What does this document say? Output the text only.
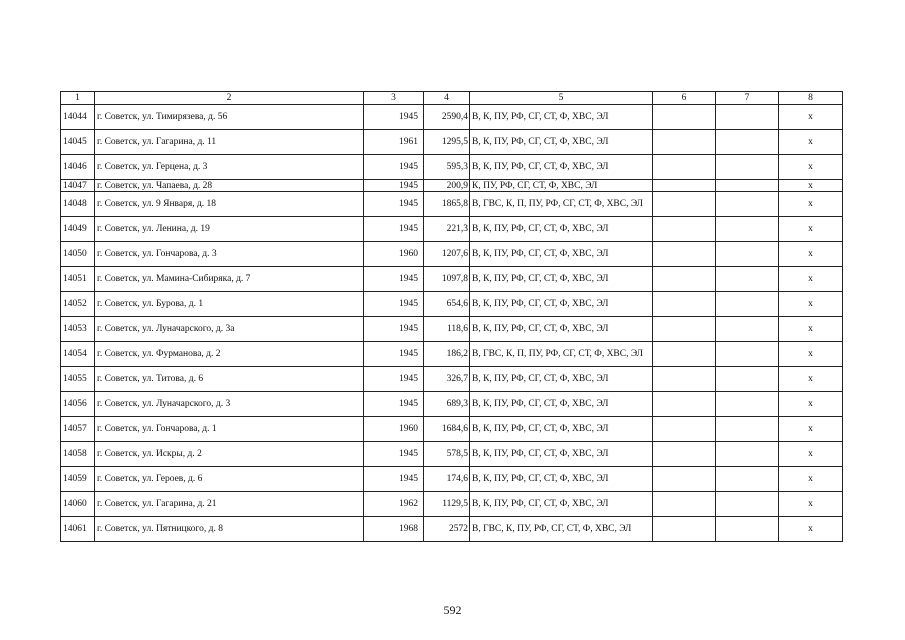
1	2	3	4	5	6	7	8
14044	г. Советск, ул. Тимирязева, д. 56	1945	2590,4	В, К, ПУ, РФ, СГ, СТ, Ф, ХВС, ЭЛ			х
14045	г. Советск, ул. Гагарина, д. 11	1961	1295,5	В, К, ПУ, РФ, СГ, СТ, Ф, ХВС, ЭЛ			х
14046	г. Советск, ул. Герцена, д. 3	1945	595,3	В, К, ПУ, РФ, СГ, СТ, Ф, ХВС, ЭЛ			х
14047	г. Советск, ул. Чапаева, д. 28	1945	200,9	К, ПУ, РФ, СГ, СТ, Ф, ХВС, ЭЛ			х
14048	г. Советск, ул. 9 Января, д. 18	1945	1865,8	В, ГВС, К, П, ПУ, РФ, СГ, СТ, Ф, ХВС, ЭЛ			х
14049	г. Советск, ул. Ленина, д. 19	1945	221,3	В, К, ПУ, РФ, СГ, СТ, Ф, ХВС, ЭЛ			х
14050	г. Советск, ул. Гончарова, д. 3	1960	1207,6	В, К, ПУ, РФ, СГ, СТ, Ф, ХВС, ЭЛ			х
14051	г. Советск, ул. Мамина-Сибиряка, д. 7	1945	1097,8	В, К, ПУ, РФ, СГ, СТ, Ф, ХВС, ЭЛ			х
14052	г. Советск, ул. Бурова, д. 1	1945	654,6	В, К, ПУ, РФ, СГ, СТ, Ф, ХВС, ЭЛ			х
14053	г. Советск, ул. Луначарского, д. 3а	1945	118,6	В, К, ПУ, РФ, СГ, СТ, Ф, ХВС, ЭЛ			х
14054	г. Советск, ул. Фурманова, д. 2	1945	186,2	В, ГВС, К, П, ПУ, РФ, СГ, СТ, Ф, ХВС, ЭЛ			х
14055	г. Советск, ул. Титова, д. 6	1945	326,7	В, К, ПУ, РФ, СГ, СТ, Ф, ХВС, ЭЛ			х
14056	г. Советск, ул. Луначарского, д. 3	1945	689,3	В, К, ПУ, РФ, СГ, СТ, Ф, ХВС, ЭЛ			х
14057	г. Советск, ул. Гончарова, д. 1	1960	1684,6	В, К, ПУ, РФ, СГ, СТ, Ф, ХВС, ЭЛ			х
14058	г. Советск, ул. Искры, д. 2	1945	578,5	В, К, ПУ, РФ, СГ, СТ, Ф, ХВС, ЭЛ			х
14059	г. Советск, ул. Героев, д. 6	1945	174,6	В, К, ПУ, РФ, СГ, СТ, Ф, ХВС, ЭЛ			х
14060	г. Советск, ул. Гагарина, д. 21	1962	1129,5	В, К, ПУ, РФ, СГ, СТ, Ф, ХВС, ЭЛ			х
14061	г. Советск, ул. Пятницкого, д. 8	1968	2572	В, ГВС, К, ПУ, РФ, СГ, СТ, Ф, ХВС, ЭЛ			х
592
